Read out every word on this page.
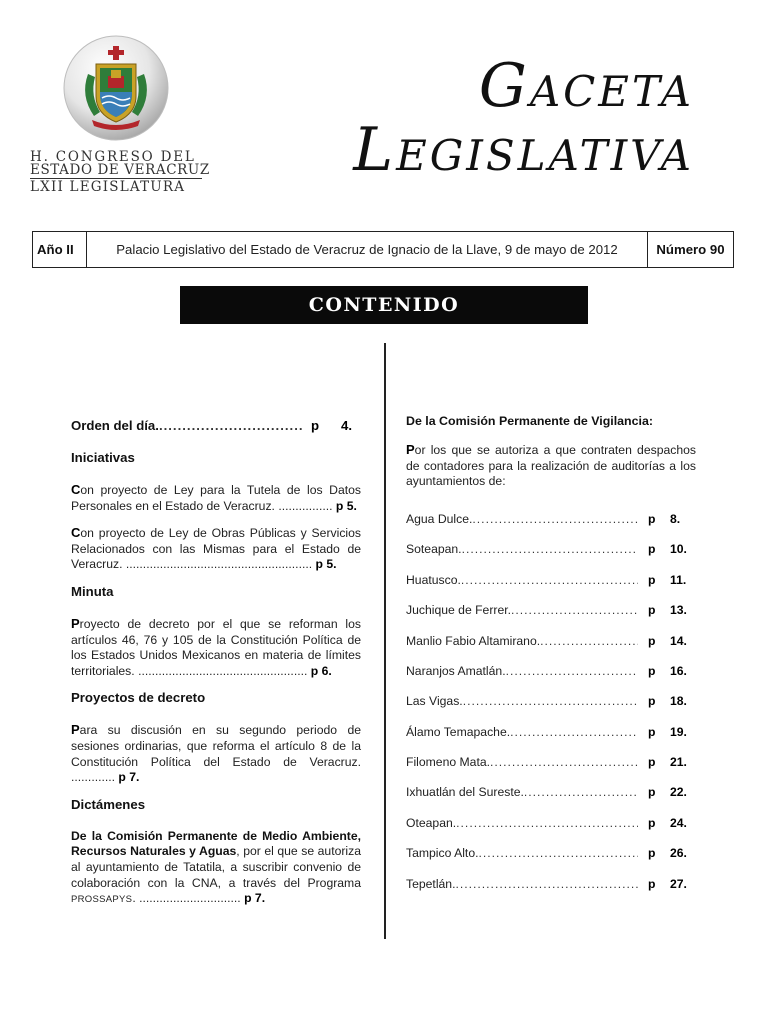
H. CONGRESO DEL
ESTADO DE VERACRUZ
LXII LEGISLATURA
GACETA
LEGISLATIVA
Año II	Palacio Legislativo del Estado de Veracruz de Ignacio de la Llave, 9 de mayo de 2012	Número 90
CONTENIDO
Orden del día. .....	p	4.
Iniciativas
Con proyecto de Ley para la Tutela de los Datos Personales en el Estado de Veracruz. ................ p 5.
Con proyecto de Ley de Obras Públicas y Servicios Relacionados con las Mismas para el Estado de Veracruz. ....................................................... p 5.
Minuta
Proyecto de decreto por el que se reforman los artículos 46, 76 y 105 de la Constitución Política de los Estados Unidos Mexicanos en materia de límites territoriales. .................................................. p 6.
Proyectos de decreto
Para su discusión en su segundo periodo de sesiones ordinarias, que reforma el artículo 8 de la Constitución Política del Estado de Veracruz. ............. p 7.
Dictámenes
De la Comisión Permanente de Medio Ambiente, Recursos Naturales y Aguas, por el que se autoriza al ayuntamiento de Tatatila, a suscribir convenio de colaboración con la CNA, a través del Programa PROSSAPYS. .............................. p 7.
De la Comisión Permanente de Vigilancia:
Por los que se autoriza a que contraten despachos de contadores para la realización de auditorías a los ayuntamientos de:
Agua Dulce. .....	p	8.
Soteapan. .....	p	10.
Huatusco. .....	p	11.
Juchique de Ferrer. .....	p	13.
Manlio Fabio Altamirano. .....	p	14.
Naranjos Amatlán. .....	p	16.
Las Vigas. .....	p	18.
Álamo Temapache. .....	p	19.
Filomeno Mata. .....	p	21.
Ixhuatlán del Sureste. .....	p	22.
Oteapan. .....	p	24.
Tampico Alto. .....	p	26.
Tepetlán. .....	p	27.
